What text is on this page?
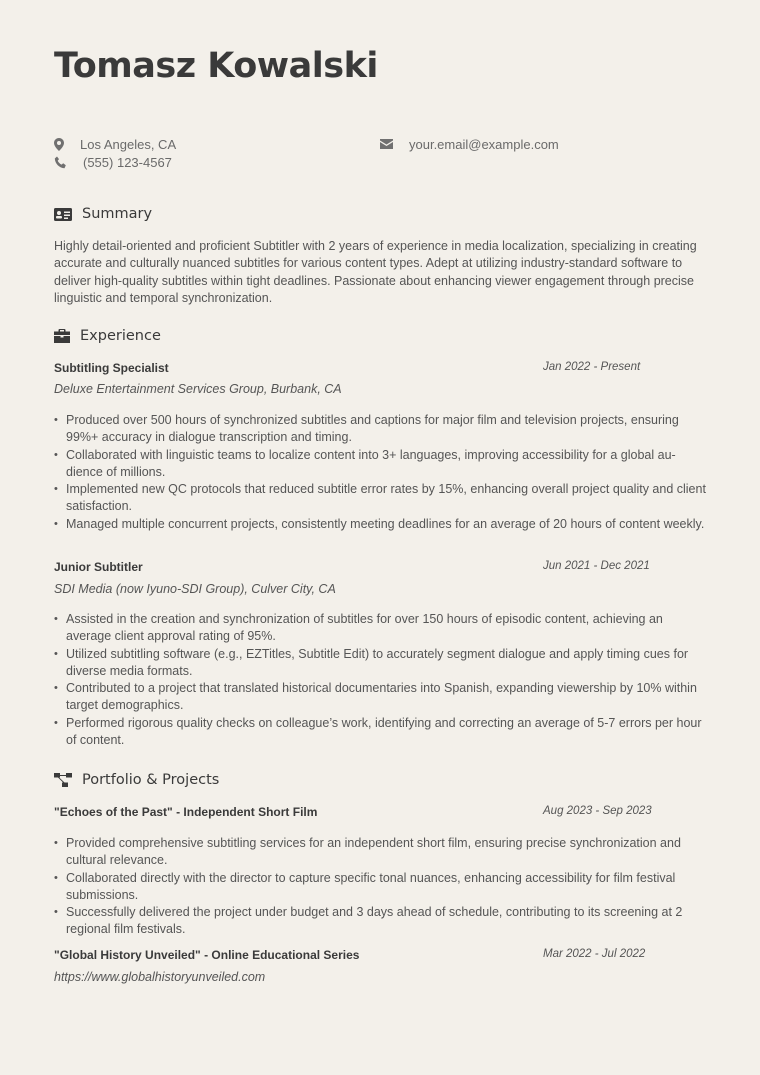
Tomasz Kowalski
Los Angeles, CA
(555) 123-4567
your.email@example.com
Summary

Highly detail-oriented and proficient Subtitler with 2 years of experience in media localization, specializing in creating accurate and culturally nuanced subtitles for various content types. Adept at utilizing industry-standard software to deliver high-quality subtitles within tight deadlines. Passionate about enhancing viewer engagement through precise linguistic and temporal synchronization.

Experience
Subtitling Specialist	Jan 2022 - Present
Deluxe Entertainment Services Group, Burbank, CA
• Produced over 500 hours of synchronized subtitles and captions for major film and television projects, ensuring 99%+ accuracy in dialogue transcription and timing.
• Collaborated with linguistic teams to localize content into 3+ languages, improving accessibility for a global audience of millions.
• Implemented new QC protocols that reduced subtitle error rates by 15%, enhancing overall project quality and client satisfaction.
• Managed multiple concurrent projects, consistently meeting deadlines for an average of 20 hours of content weekly.
Junior Subtitler	Jun 2021 - Dec 2021
SDI Media (now Iyuno-SDI Group), Culver City, CA
• Assisted in the creation and synchronization of subtitles for over 150 hours of episodic content, achieving an average client approval rating of 95%.
• Utilized subtitling software (e.g., EZTitles, Subtitle Edit) to accurately segment dialogue and apply timing cues for diverse media formats.
• Contributed to a project that translated historical documentaries into Spanish, expanding viewership by 10% within target demographics.
• Performed rigorous quality checks on colleague’s work, identifying and correcting an average of 5-7 errors per hour of content.
Portfolio & Projects
"Echoes of the Past" - Independent Short Film	Aug 2023 - Sep 2023
• Provided comprehensive subtitling services for an independent short film, ensuring precise synchronization and cultural relevance.
• Collaborated directly with the director to capture specific tonal nuances, enhancing accessibility for film festival submissions.
• Successfully delivered the project under budget and 3 days ahead of schedule, contributing to its screening at 2 regional film festivals.
"Global History Unveiled" - Online Educational Series	Mar 2022 - Jul 2022
https://www.globalhistoryunveiled.com
